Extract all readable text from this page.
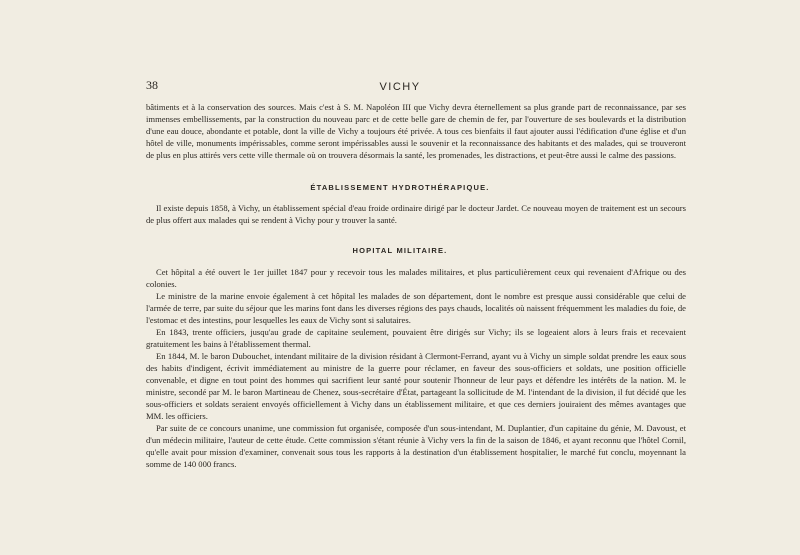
38	VICHY

bâtiments et à la conservation des sources. Mais c'est à S. M. Napoléon III que Vichy devra éternellement sa plus grande part de reconnaissance, par ses immenses embellissements, par la construction du nouveau parc et de cette belle gare de chemin de fer, par l'ouverture de ses boulevards et la distribution d'une eau douce, abondante et potable, dont la ville de Vichy a toujours été privée. A tous ces bienfaits il faut ajouter aussi l'édification d'une église et d'un hôtel de ville, monuments impérissables, comme seront impérissables aussi le souvenir et la reconnaissance des habitants et des malades, qui se trouveront de plus en plus attirés vers cette ville thermale où on trouvera désormais la santé, les promenades, les distractions, et peut-être aussi le calme des passions.

ÉTABLISSEMENT HYDROTHÉRAPIQUE.

Il existe depuis 1858, à Vichy, un établissement spécial d'eau froide ordinaire dirigé par le docteur Jardet. Ce nouveau moyen de traitement est un secours de plus offert aux malades qui se rendent à Vichy pour y trouver la santé.

HOPITAL MILITAIRE.

Cet hôpital a été ouvert le 1er juillet 1847 pour y recevoir tous les malades militaires, et plus particulièrement ceux qui revenaient d'Afrique ou des colonies.

Le ministre de la marine envoie également à cet hôpital les malades de son département, dont le nombre est presque aussi considérable que celui de l'armée de terre, par suite du séjour que les marins font dans les diverses régions des pays chauds, localités où naissent fréquemment les maladies du foie, de l'estomac et des intestins, pour lesquelles les eaux de Vichy sont si salutaires.

En 1843, trente officiers, jusqu'au grade de capitaine seulement, pouvaient être dirigés sur Vichy; ils se logeaient alors à leurs frais et recevaient gratuitement les bains à l'établissement thermal.

En 1844, M. le baron Dubouchet, intendant militaire de la division résidant à Clermont-Ferrand, ayant vu à Vichy un simple soldat prendre les eaux sous des habits d'indigent, écrivit immédiatement au ministre de la guerre pour réclamer, en faveur des sous-officiers et soldats, une position officielle convenable, et digne en tout point des hommes qui sacrifient leur santé pour soutenir l'honneur de leur pays et défendre les intérêts de la nation. M. le ministre, secondé par M. le baron Martineau de Chenez, sous-secrétaire d'État, partageant la sollicitude de M. l'intendant de la division, il fut décidé que les sous-officiers et soldats seraient envoyés officiellement à Vichy dans un établissement militaire, et que ces derniers jouiraient des mêmes avantages que MM. les officiers.

Par suite de ce concours unanime, une commission fut organisée, composée d'un sous-intendant, M. Duplantier, d'un capitaine du génie, M. Davoust, et d'un médecin militaire, l'auteur de cette étude. Cette commission s'étant réunie à Vichy vers la fin de la saison de 1846, et ayant reconnu que l'hôtel Cornil, qu'elle avait pour mission d'examiner, convenait sous tous les rapports à la destination d'un établissement hospitalier, le marché fut conclu, moyennant la somme de 140 000 francs.
